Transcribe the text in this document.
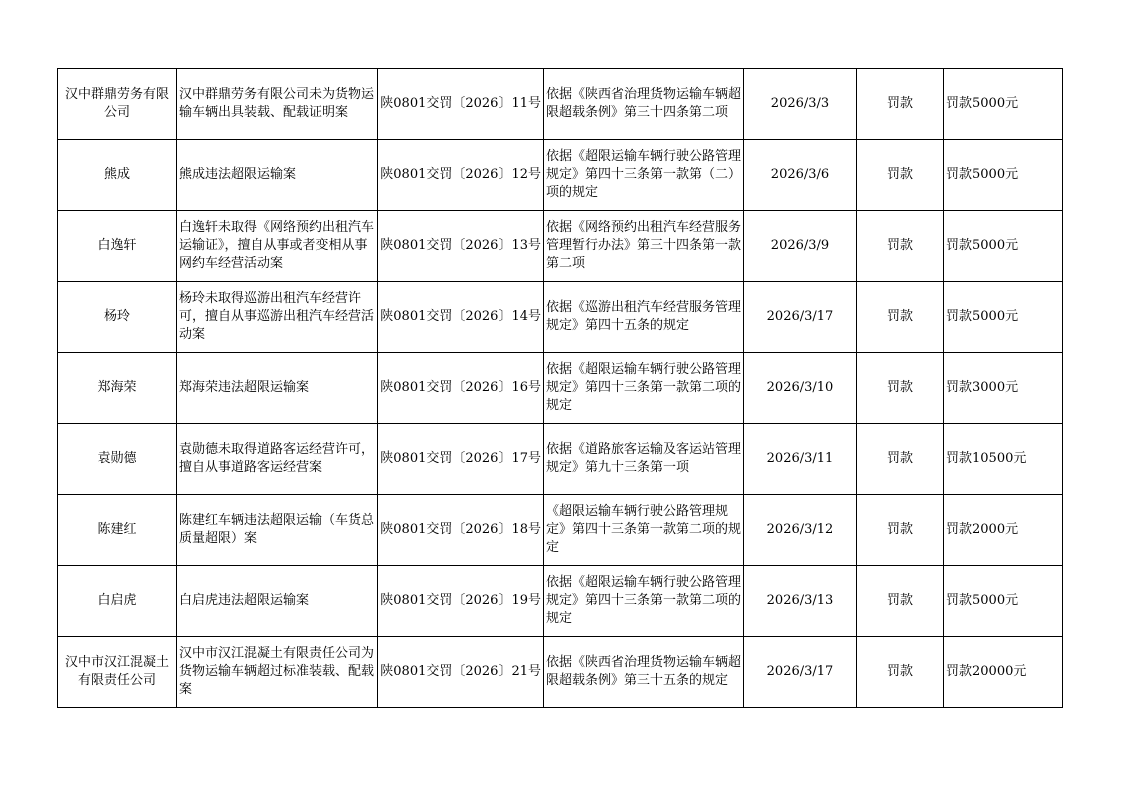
汉中群鼎劳务有限公司	汉中群鼎劳务有限公司未为货物运输车辆出具装载、配载证明案	陕0801交罚〔2026〕11号	依据《陕西省治理货物运输车辆超限超载条例》第三十四条第二项	2026/3/3	罚款	罚款5000元
熊成	熊成违法超限运输案	陕0801交罚〔2026〕12号	依据《超限运输车辆行驶公路管理规定》第四十三条第一款第（二）项的规定	2026/3/6	罚款	罚款5000元
白逸轩	白逸轩未取得《网络预约出租汽车运输证》，擅自从事或者变相从事网约车经营活动案	陕0801交罚〔2026〕13号	依据《网络预约出租汽车经营服务管理暂行办法》第三十四条第一款第二项	2026/3/9	罚款	罚款5000元
杨玲	杨玲未取得巡游出租汽车经营许可，擅自从事巡游出租汽车经营活动案	陕0801交罚〔2026〕14号	依据《巡游出租汽车经营服务管理规定》第四十五条的规定	2026/3/17	罚款	罚款5000元
郑海荣	郑海荣违法超限运输案	陕0801交罚〔2026〕16号	依据《超限运输车辆行驶公路管理规定》第四十三条第一款第二项的规定	2026/3/10	罚款	罚款3000元
袁勋德	袁勋德未取得道路客运经营许可，擅自从事道路客运经营案	陕0801交罚〔2026〕17号	依据《道路旅客运输及客运站管理规定》第九十三条第一项	2026/3/11	罚款	罚款10500元
陈建红	陈建红车辆违法超限运输（车货总质量超限）案	陕0801交罚〔2026〕18号	《超限运输车辆行驶公路管理规定》第四十三条第一款第二项的规定	2026/3/12	罚款	罚款2000元
白启虎	白启虎违法超限运输案	陕0801交罚〔2026〕19号	依据《超限运输车辆行驶公路管理规定》第四十三条第一款第二项的规定	2026/3/13	罚款	罚款5000元
汉中市汉江混凝土有限责任公司	汉中市汉江混凝土有限责任公司为货物运输车辆超过标准装载、配载案	陕0801交罚〔2026〕21号	依据《陕西省治理货物运输车辆超限超载条例》第三十五条的规定	2026/3/17	罚款	罚款20000元
